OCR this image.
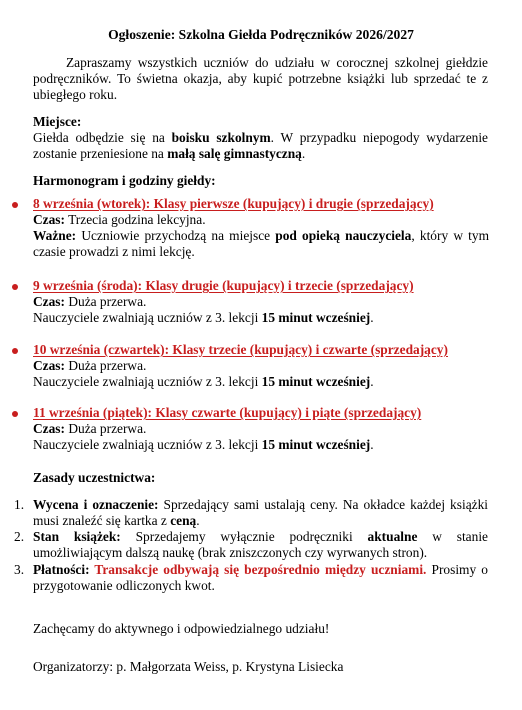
Ogłoszenie: Szkolna Giełda Podręczników 2026/2027
Zapraszamy wszystkich uczniów do udziału w corocznej szkolnej giełdzie podręczników. To świetna okazja, aby kupić potrzebne książki lub sprzedać te z ubiegłego roku.
Miejsce:
Giełda odbędzie się na boisku szkolnym. W przypadku niepogody wydarzenie zostanie przeniesione na małą salę gimnastyczną.
Harmonogram i godziny giełdy:
8 września (wtorek): Klasy pierwsze (kupujący) i drugie (sprzedający)
Czas: Trzecia godzina lekcyjna.
Ważne: Uczniowie przychodzą na miejsce pod opieką nauczyciela, który w tym czasie prowadzi z nimi lekcję.
9 września (środa): Klasy drugie (kupujący) i trzecie (sprzedający)
Czas: Duża przerwa.
Nauczyciele zwalniają uczniów z 3. lekcji 15 minut wcześniej.
10 września (czwartek): Klasy trzecie (kupujący) i czwarte (sprzedający)
Czas: Duża przerwa.
Nauczyciele zwalniają uczniów z 3. lekcji 15 minut wcześniej.
11 września (piątek): Klasy czwarte (kupujący) i piąte (sprzedający)
Czas: Duża przerwa.
Nauczyciele zwalniają uczniów z 3. lekcji 15 minut wcześniej.
Zasady uczestnictwa:
1. Wycena i oznaczenie: Sprzedający sami ustalają ceny. Na okładce każdej książki musi znaleźć się kartka z ceną.
2. Stan książek: Sprzedajemy wyłącznie podręczniki aktualne w stanie umożliwiającym dalszą naukę (brak zniszczonych czy wyrwanych stron).
3. Płatności: Transakcje odbywają się bezpośrednio między uczniami. Prosimy o przygotowanie odliczonych kwot.
Zachęcamy do aktywnego i odpowiedzialnego udziału!
Organizatorzy: p. Małgorzata Weiss, p. Krystyna Lisiecka
